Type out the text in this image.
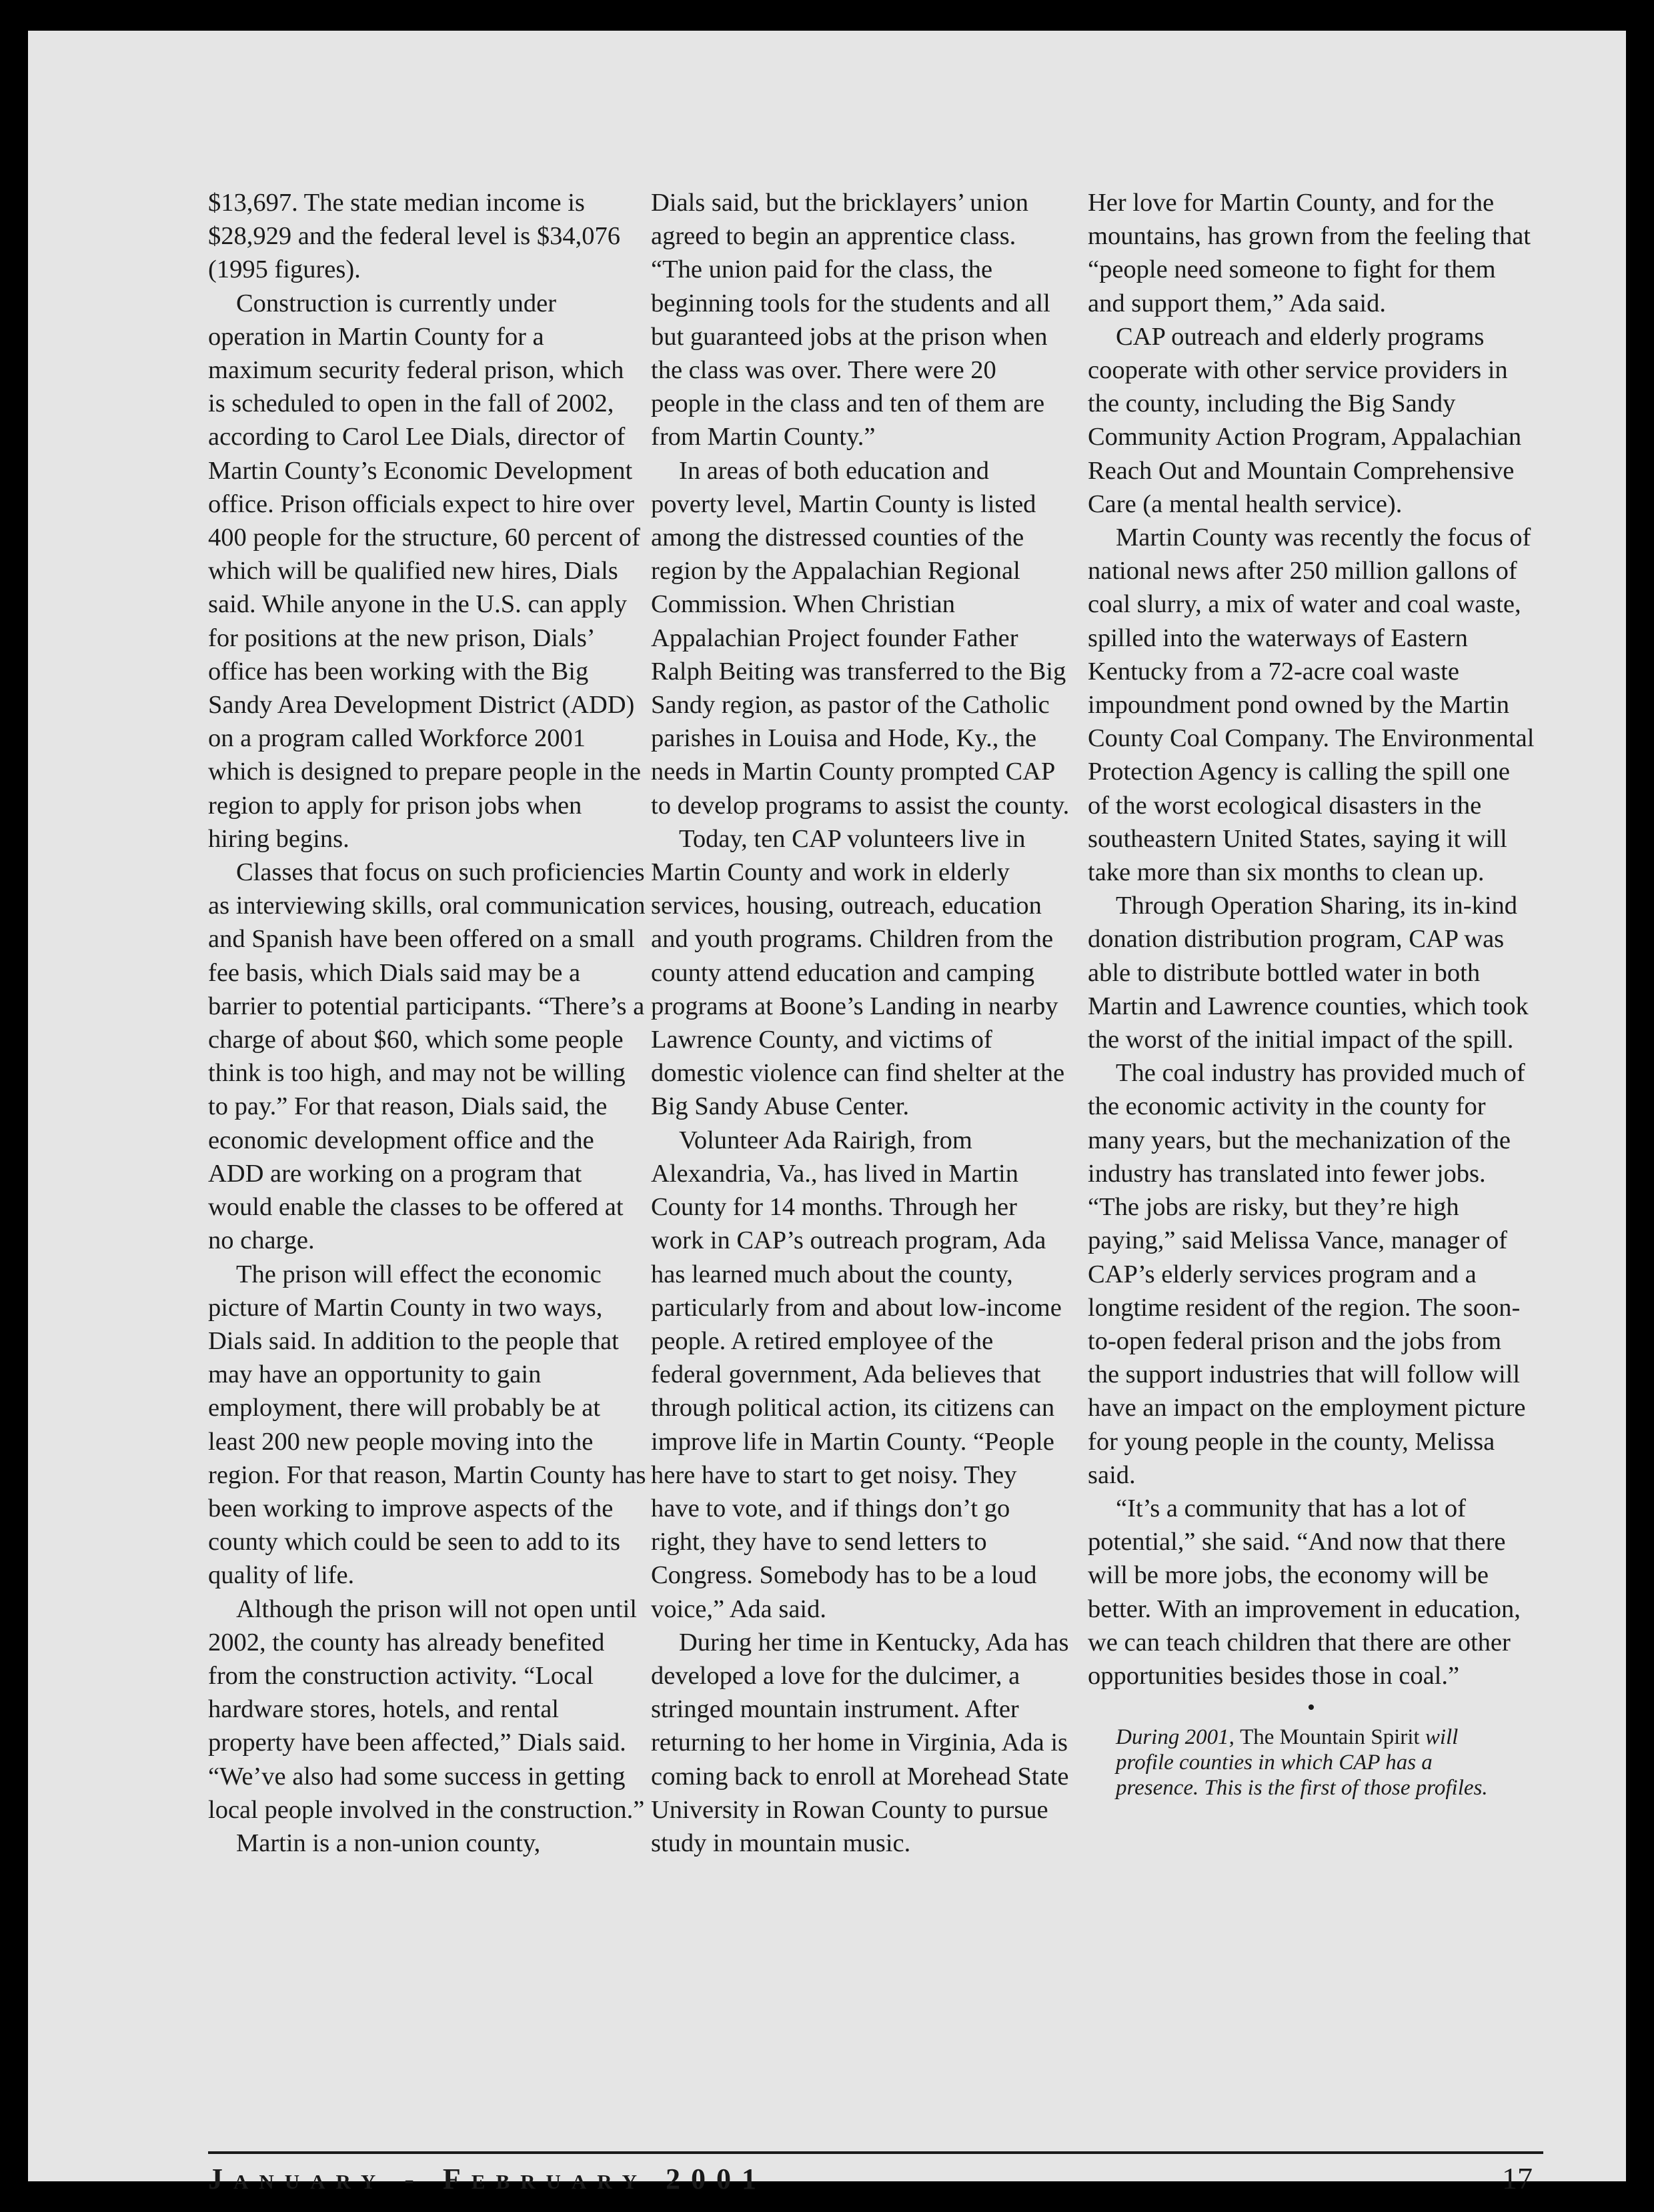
$13,697. The state median income is $28,929 and the federal level is $34,076 (1995 figures).

Construction is currently under operation in Martin County for a maximum security federal prison, which is scheduled to open in the fall of 2002, according to Carol Lee Dials, director of Martin County’s Economic Development office. Prison officials expect to hire over 400 people for the structure, 60 percent of which will be qualified new hires, Dials said. While anyone in the U.S. can apply for positions at the new prison, Dials’ office has been working with the Big Sandy Area Development District (ADD) on a program called Workforce 2001 which is designed to prepare people in the region to apply for prison jobs when hiring begins.

Classes that focus on such proficiencies as interviewing skills, oral communication and Spanish have been offered on a small fee basis, which Dials said may be a barrier to potential participants. “There’s a charge of about $60, which some people think is too high, and may not be willing to pay.” For that reason, Dials said, the economic development office and the ADD are working on a program that would enable the classes to be offered at no charge.

The prison will effect the economic picture of Martin County in two ways, Dials said. In addition to the people that may have an opportunity to gain employment, there will probably be at least 200 new people moving into the region. For that reason, Martin County has been working to improve aspects of the county which could be seen to add to its quality of life.

Although the prison will not open until 2002, the county has already benefited from the construction activity. “Local hardware stores, hotels, and rental property have been affected,” Dials said. “We’ve also had some success in getting local people involved in the construction.”

Martin is a non-union county,

Dials said, but the bricklayers’ union agreed to begin an apprentice class. “The union paid for the class, the beginning tools for the students and all but guaranteed jobs at the prison when the class was over. There were 20 people in the class and ten of them are from Martin County.”

In areas of both education and poverty level, Martin County is listed among the distressed counties of the region by the Appalachian Regional Commission. When Christian Appalachian Project founder Father Ralph Beiting was transferred to the Big Sandy region, as pastor of the Catholic parishes in Louisa and Hode, Ky., the needs in Martin County prompted CAP to develop programs to assist the county.

Today, ten CAP volunteers live in Martin County and work in elderly services, housing, outreach, education and youth programs. Children from the county attend education and camping programs at Boone’s Landing in nearby Lawrence County, and victims of domestic violence can find shelter at the Big Sandy Abuse Center.

Volunteer Ada Rairigh, from Alexandria, Va., has lived in Martin County for 14 months. Through her work in CAP’s outreach program, Ada has learned much about the county, particularly from and about low-income people. A retired employee of the federal government, Ada believes that through political action, its citizens can improve life in Martin County. “People here have to start to get noisy. They have to vote, and if things don’t go right, they have to send letters to Congress. Somebody has to be a loud voice,” Ada said.

During her time in Kentucky, Ada has developed a love for the dulcimer, a stringed mountain instrument. After returning to her home in Virginia, Ada is coming back to enroll at Morehead State University in Rowan County to pursue study in mountain music.

Her love for Martin County, and for the mountains, has grown from the feeling that “people need someone to fight for them and support them,” Ada said.

CAP outreach and elderly programs cooperate with other service providers in the county, including the Big Sandy Community Action Program, Appalachian Reach Out and Mountain Comprehensive Care (a mental health service).

Martin County was recently the focus of national news after 250 million gallons of coal slurry, a mix of water and coal waste, spilled into the waterways of Eastern Kentucky from a 72-acre coal waste impoundment pond owned by the Martin County Coal Company. The Environmental Protection Agency is calling the spill one of the worst ecological disasters in the southeastern United States, saying it will take more than six months to clean up.

Through Operation Sharing, its in-kind donation distribution program, CAP was able to distribute bottled water in both Martin and Lawrence counties, which took the worst of the initial impact of the spill.

The coal industry has provided much of the economic activity in the county for many years, but the mechanization of the industry has translated into fewer jobs. “The jobs are risky, but they’re high paying,” said Melissa Vance, manager of CAP’s elderly services program and a longtime resident of the region. The soon-to-open federal prison and the jobs from the support industries that will follow will have an impact on the employment picture for young people in the county, Melissa said.

“It’s a community that has a lot of potential,” she said. “And now that there will be more jobs, the economy will be better. With an improvement in education, we can teach children that there are other opportunities besides those in coal.”

•
During 2001, The Mountain Spirit will profile counties in which CAP has a presence. This is the first of those profiles.
January - February 2001	17
